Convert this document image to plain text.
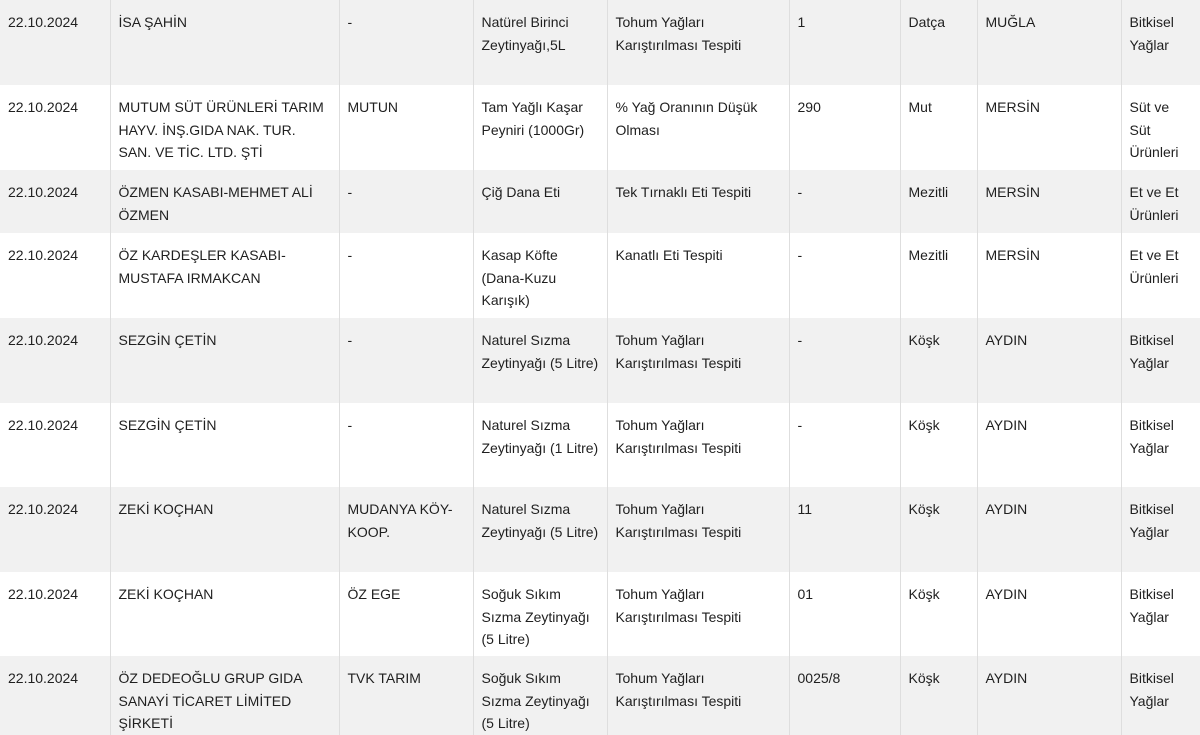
22.10.2024	İSA ŞAHİN	-	Natürel Birinci Zeytinyağı,5L	Tohum Yağları Karıştırılması Tespiti	1	Datça	MUĞLA	Bitkisel Yağlar
22.10.2024	MUTUM SÜT ÜRÜNLERİ TARIM HAYV. İNŞ.GIDA NAK. TUR. SAN. VE TİC. LTD. ŞTİ	MUTUN	Tam Yağlı Kaşar Peyniri (1000Gr)	% Yağ Oranının Düşük Olması	290	Mut	MERSİN	Süt ve Süt Ürünleri
22.10.2024	ÖZMEN KASABI-MEHMET ALİ ÖZMEN	-	Çiğ Dana Eti	Tek Tırnaklı Eti Tespiti	-	Mezitli	MERSİN	Et ve Et Ürünleri
22.10.2024	ÖZ KARDEŞLER KASABI-MUSTAFA IRMAKCAN	-	Kasap Köfte (Dana-Kuzu Karışık)	Kanatlı Eti Tespiti	-	Mezitli	MERSİN	Et ve Et Ürünleri
22.10.2024	SEZGİN ÇETİN	-	Naturel Sızma Zeytinyağı (5 Litre)	Tohum Yağları Karıştırılması Tespiti	-	Köşk	AYDIN	Bitkisel Yağlar
22.10.2024	SEZGİN ÇETİN	-	Naturel Sızma Zeytinyağı (1 Litre)	Tohum Yağları Karıştırılması Tespiti	-	Köşk	AYDIN	Bitkisel Yağlar
22.10.2024	ZEKİ KOÇHAN	MUDANYA KÖY-KOOP.	Naturel Sızma Zeytinyağı (5 Litre)	Tohum Yağları Karıştırılması Tespiti	11	Köşk	AYDIN	Bitkisel Yağlar
22.10.2024	ZEKİ KOÇHAN	ÖZ EGE	Soğuk Sıkım Sızma Zeytinyağı (5 Litre)	Tohum Yağları Karıştırılması Tespiti	01	Köşk	AYDIN	Bitkisel Yağlar
22.10.2024	ÖZ DEDEOĞLU GRUP GIDA SANAYİ TİCARET LİMİTED ŞİRKETİ	TVK TARIM	Soğuk Sıkım Sızma Zeytinyağı (5 Litre)	Tohum Yağları Karıştırılması Tespiti	0025/8	Köşk	AYDIN	Bitkisel Yağlar
